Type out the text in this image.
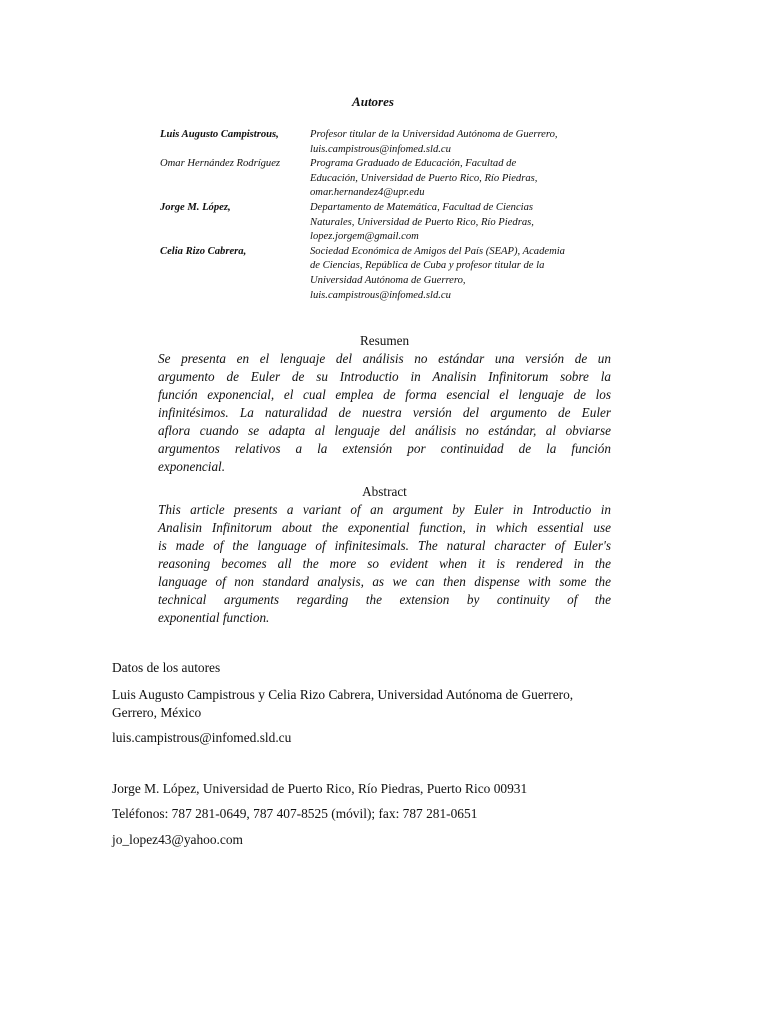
Autores
Luis Augusto Campistrous,	Profesor titular de la Universidad Autónoma de Guerrero,
luis.campistrous@infomed.sld.cu

Omar Hernández Rodríguez	Programa Graduado de Educación, Facultad de
Educación, Universidad de Puerto Rico, Río Piedras,
omar.hernandez4@upr.edu

Jorge M. López,	Departamento de Matemática, Facultad de Ciencias
Naturales, Universidad de Puerto Rico, Río Piedras,
lopez.jorgem@gmail.com

Celia Rizo Cabrera,	Sociedad Económica de Amigos del País (SEAP), Academia
de Ciencias, República de Cuba y profesor titular de la
Universidad Autónoma de Guerrero,
luis.campistrous@infomed.sld.cu

Resumen

Se presenta en el lenguaje del análisis no estándar una versión de un
argumento de Euler de su Introductio in Analisin Infinitorum sobre la
función exponencial, el cual emplea de forma esencial el lenguaje de los
infinitésimos. La naturalidad de nuestra versión del argumento de Euler
aflora cuando se adapta al lenguaje del análisis no estándar, al obviarse
argumentos relativos a la extensión por continuidad de la función
exponencial.

Abstract

This article presents a variant of an argument by Euler in Introductio in
Analisin Infinitorum about the exponential function, in which essential use
is made of the language of infinitesimals. The natural character of Euler's
reasoning becomes all the more so evident when it is rendered in the
language of non standard analysis, as we can then dispense with some the
technical arguments regarding the extension by continuity of the
exponential function.

Datos de los autores

Luis Augusto Campistrous y Celia Rizo Cabrera, Universidad Autónoma de Guerrero,

Gerrero, México

luis.campistrous@infomed.sld.cu

Jorge M. López, Universidad de Puerto Rico, Río Piedras, Puerto Rico 00931

Teléfonos: 787 281-0649, 787 407-8525 (móvil); fax: 787 281-0651

jo_lopez43@yahoo.com
